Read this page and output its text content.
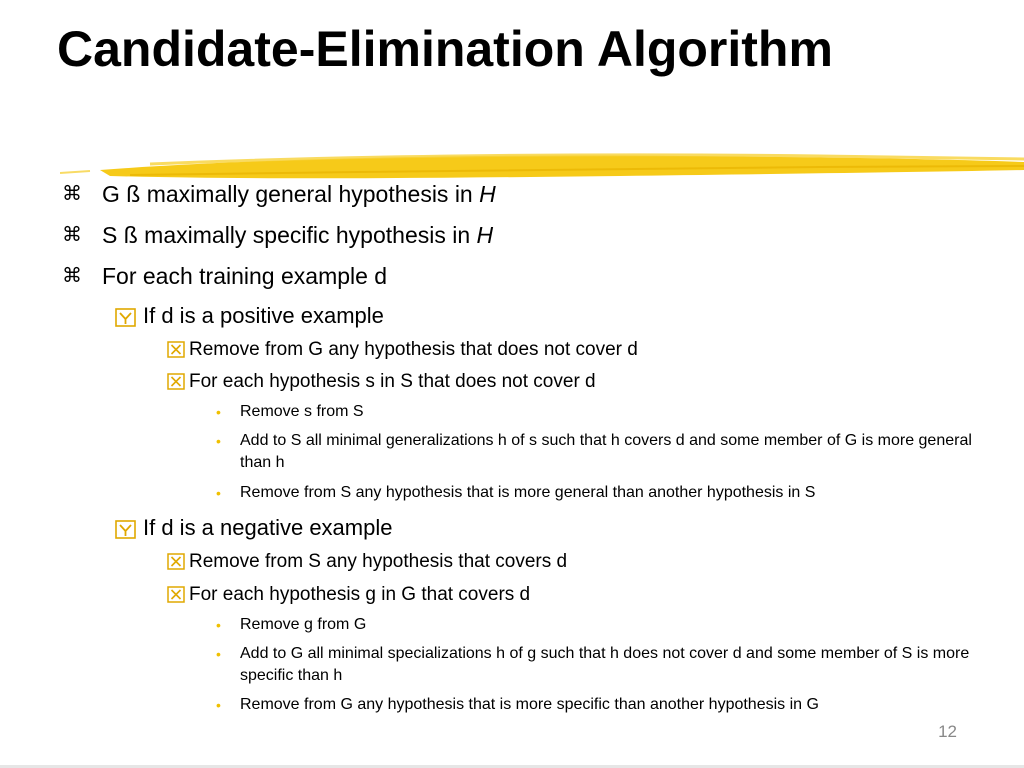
Candidate-Elimination Algorithm
⌘ G ß maximally general hypothesis in H
⌘ S ß maximally specific hypothesis in H
⌘ For each training example d
If d is a positive example
Remove from G any hypothesis that does not cover d
For each hypothesis s in S that does not cover d
•	Remove s from S
•	Add to S all minimal generalizations h of s such that h covers d and some member of G is more general than h
•	Remove from S any hypothesis that is more general than another hypothesis in S
If d is a negative example
Remove from S any hypothesis that covers d
For each hypothesis g in G that covers d
•	Remove g from G
•	Add to G all minimal specializations h of g such that h does not cover d and some member of S is more specific than h
•	Remove from G any hypothesis that is more specific than another hypothesis in G
12
